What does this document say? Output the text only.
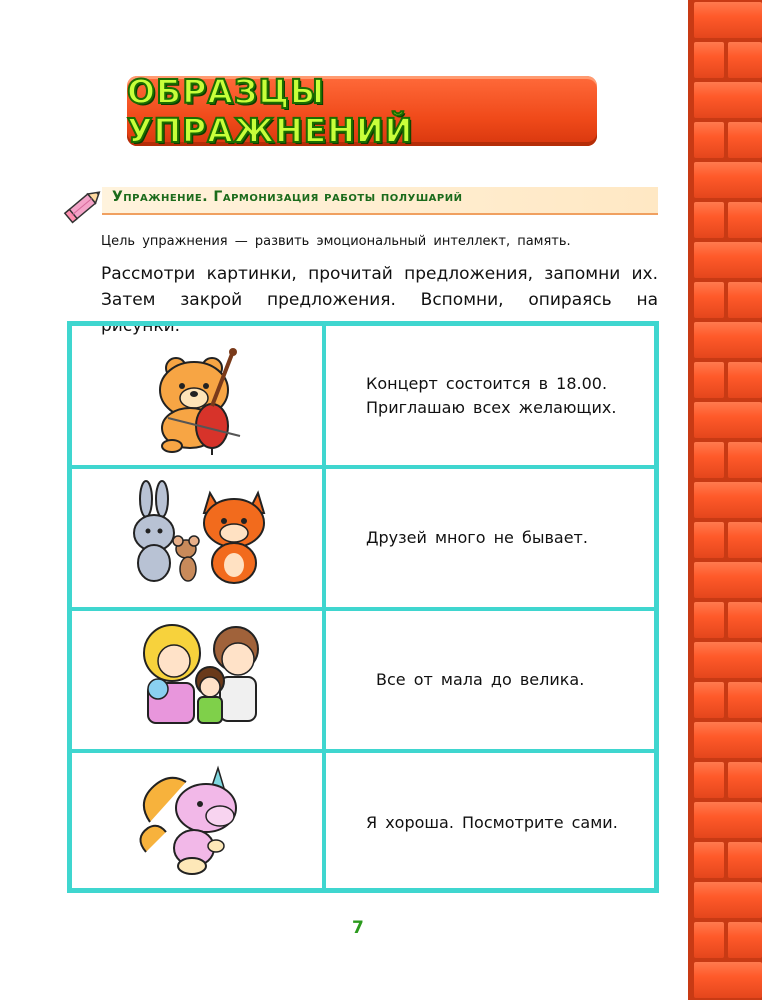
ОБРАЗЦЫ УПРАЖНЕНИЙ
Упражнение. Гармонизация работы полушарий
Цель упражнения — развить эмоциональный интеллект, память.
Рассмотри картинки, прочитай предложения, запомни их. Затем закрой предложения. Вспомни, опираясь на рисунки.
Концерт состоится в 18.00.
Приглашаю всех желающих.
Друзей много не бывает.
Все от мала до велика.
Я хороша. Посмотрите сами.
7
